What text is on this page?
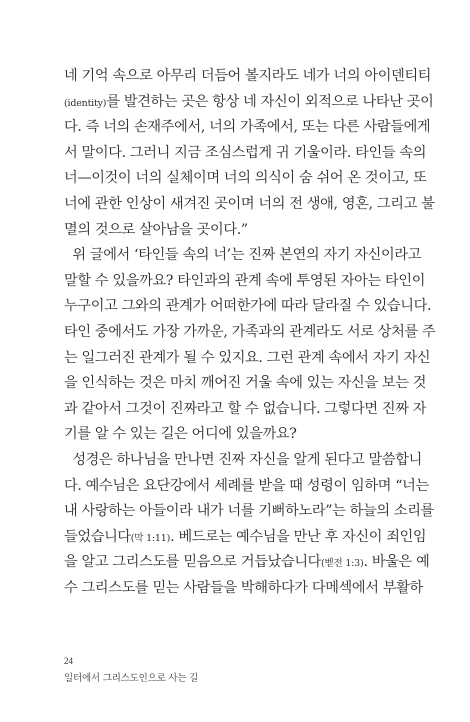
네 기억 속으로 아무리 더듬어 볼지라도 네가 너의 아이덴티티
(identity)를 발견하는 곳은 항상 네 자신이 외적으로 나타난 곳이
다. 즉 너의 손재주에서, 너의 가족에서, 또는 다른 사람들에게
서 말이다. 그러니 지금 조심스럽게 귀 기울이라. 타인들 속의
너—이것이 너의 실체이며 너의 의식이 숨 쉬어 온 것이고, 또
너에 관한 인상이 새겨진 곳이며 너의 전 생애, 영혼, 그리고 불
멸의 것으로 살아남을 곳이다.”
위 글에서 ‘타인들 속의 너’는 진짜 본연의 자기 자신이라고
말할 수 있을까요? 타인과의 관계 속에 투영된 자아는 타인이
누구이고 그와의 관계가 어떠한가에 따라 달라질 수 있습니다.
타인 중에서도 가장 가까운, 가족과의 관계라도 서로 상처를 주
는 일그러진 관계가 될 수 있지요. 그런 관계 속에서 자기 자신
을 인식하는 것은 마치 깨어진 거울 속에 있는 자신을 보는 것
과 같아서 그것이 진짜라고 할 수 없습니다. 그렇다면 진짜 자
기를 알 수 있는 길은 어디에 있을까요?
성경은 하나님을 만나면 진짜 자신을 알게 된다고 말씀합니
다. 예수님은 요단강에서 세례를 받을 때 성령이 임하며 “너는
내 사랑하는 아들이라 내가 너를 기뻐하노라”는 하늘의 소리를
들었습니다(막 1:11). 베드로는 예수님을 만난 후 자신이 죄인임
을 알고 그리스도를 믿음으로 거듭났습니다(벧전 1:3). 바울은 예
수 그리스도를 믿는 사람들을 박해하다가 다메섹에서 부활하
24
일터에서 그리스도인으로 사는 길
